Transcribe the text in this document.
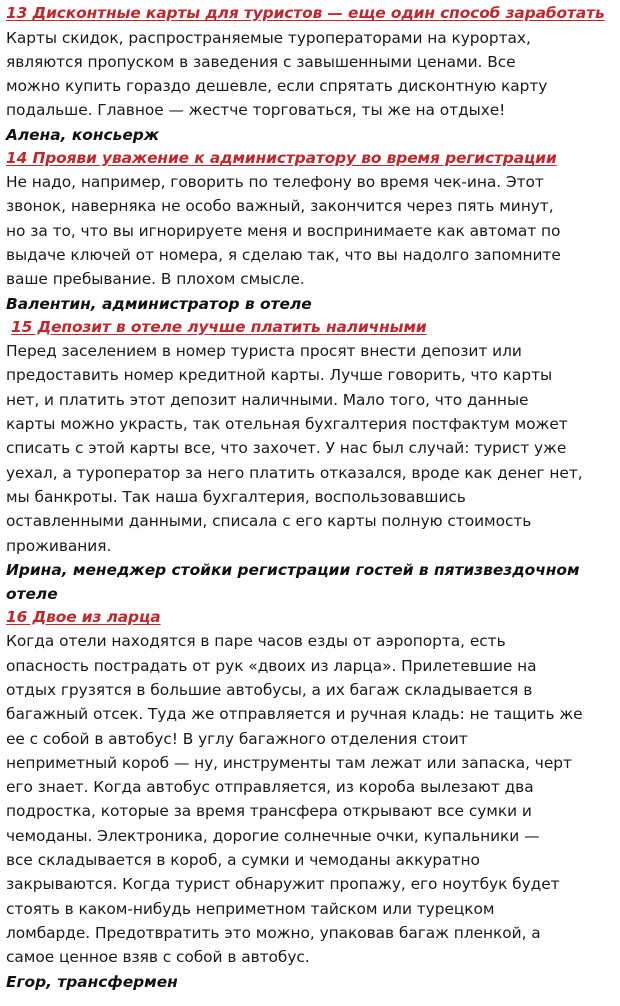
13 Дисконтные карты для туристов — еще один способ заработать

Карты скидок, распространяемые туроператорами на курортах,
являются пропуском в заведения с завышенными ценами. Все
можно купить гораздо дешевле, если спрятать дисконтную карту
подальше. Главное — жестче торговаться, ты же на отдыхе!

Алена, консьерж
14 Прояви уважение к администратору во время регистрации

Не надо, например, говорить по телефону во время чек-ина. Этот
звонок, наверняка не особо важный, закончится через пять минут,
но за то, что вы игнорируете меня и воспринимаете как автомат по
выдаче ключей от номера, я сделаю так, что вы надолго запомните
ваше пребывание. В плохом смысле.

Валентин, администратор в отеле
15 Депозит в отеле лучше платить наличными

Перед заселением в номер туриста просят внести депозит или
предоставить номер кредитной карты. Лучше говорить, что карты
нет, и платить этот депозит наличными. Мало того, что данные
карты можно украсть, так отельная бухгалтерия постфактум может
списать с этой карты все, что захочет. У нас был случай: турист уже
уехал, а туроператор за него платить отказался, вроде как денег нет,
мы банкроты. Так наша бухгалтерия, воспользовавшись
оставленными данными, списала с его карты полную стоимость
проживания.

Ирина, менеджер стойки регистрации гостей в пятизвездочном
отеле
16 Двое из ларца

Когда отели находятся в паре часов езды от аэропорта, есть
опасность пострадать от рук «двоих из ларца». Прилетевшие на
отдых грузятся в большие автобусы, а их багаж складывается в
багажный отсек. Туда же отправляется и ручная кладь: не тащить же
ее с собой в автобус! В углу багажного отделения стоит
неприметный короб — ну, инструменты там лежат или запаска, черт
его знает. Когда автобус отправляется, из короба вылезают два
подростка, которые за время трансфера открывают все сумки и
чемоданы. Электроника, дорогие солнечные очки, купальники —
все складывается в короб, а сумки и чемоданы аккуратно
закрываются. Когда турист обнаружит пропажу, его ноутбук будет
стоять в каком-нибудь неприметном тайском или турецком
ломбарде. Предотвратить это можно, упаковав багаж пленкой, а
самое ценное взяв с собой в автобус.

Егор, трансфермен
